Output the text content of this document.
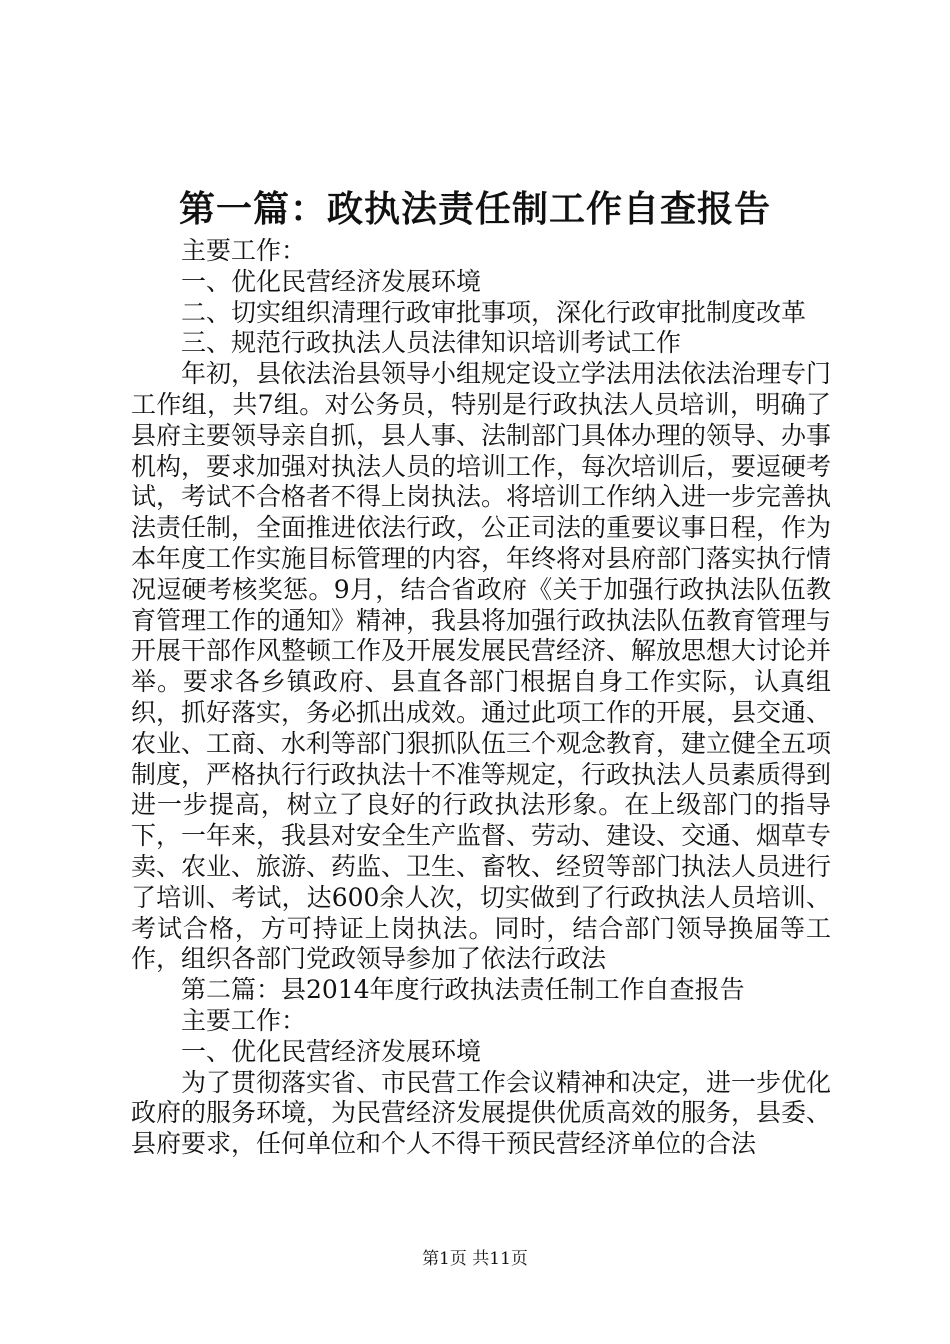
第一篇：政执法责任制工作自查报告

主要工作：

一、优化民营经济发展环境

二、切实组织清理行政审批事项，深化行政审批制度改革

三、规范行政执法人员法律知识培训考试工作

年初，县依法治县领导小组规定设立学法用法依法治理专门工作组，共7组。对公务员，特别是行政执法人员培训，明确了县府主要领导亲自抓，县人事、法制部门具体办理的领导、办事机构，要求加强对执法人员的培训工作，每次培训后，要逗硬考试，考试不合格者不得上岗执法。将培训工作纳入进一步完善执法责任制，全面推进依法行政，公正司法的重要议事日程，作为本年度工作实施目标管理的内容，年终将对县府部门落实执行情况逗硬考核奖惩。9月，结合省政府《关于加强行政执法队伍教育管理工作的通知》精神，我县将加强行政执法队伍教育管理与开展干部作风整顿工作及开展发展民营经济、解放思想大讨论并举。要求各乡镇政府、县直各部门根据自身工作实际，认真组织，抓好落实，务必抓出成效。通过此项工作的开展，县交通、农业、工商、水利等部门狠抓队伍三个观念教育，建立健全五项制度，严格执行行政执法十不准等规定，行政执法人员素质得到进一步提高，树立了良好的行政执法形象。在上级部门的指导下，一年来，我县对安全生产监督、劳动、建设、交通、烟草专卖、农业、旅游、药监、卫生、畜牧、经贸等部门执法人员进行了培训、考试，达600余人次，切实做到了行政执法人员培训、考试合格，方可持证上岗执法。同时，结合部门领导换届等工作，组织各部门党政领导参加了依法行政法

第二篇：县2014年度行政执法责任制工作自查报告

主要工作：

一、优化民营经济发展环境

为了贯彻落实省、市民营工作会议精神和决定，进一步优化政府的服务环境，为民营经济发展提供优质高效的服务，县委、县府要求，任何单位和个人不得干预民营经济单位的合法

第1页 共11页
